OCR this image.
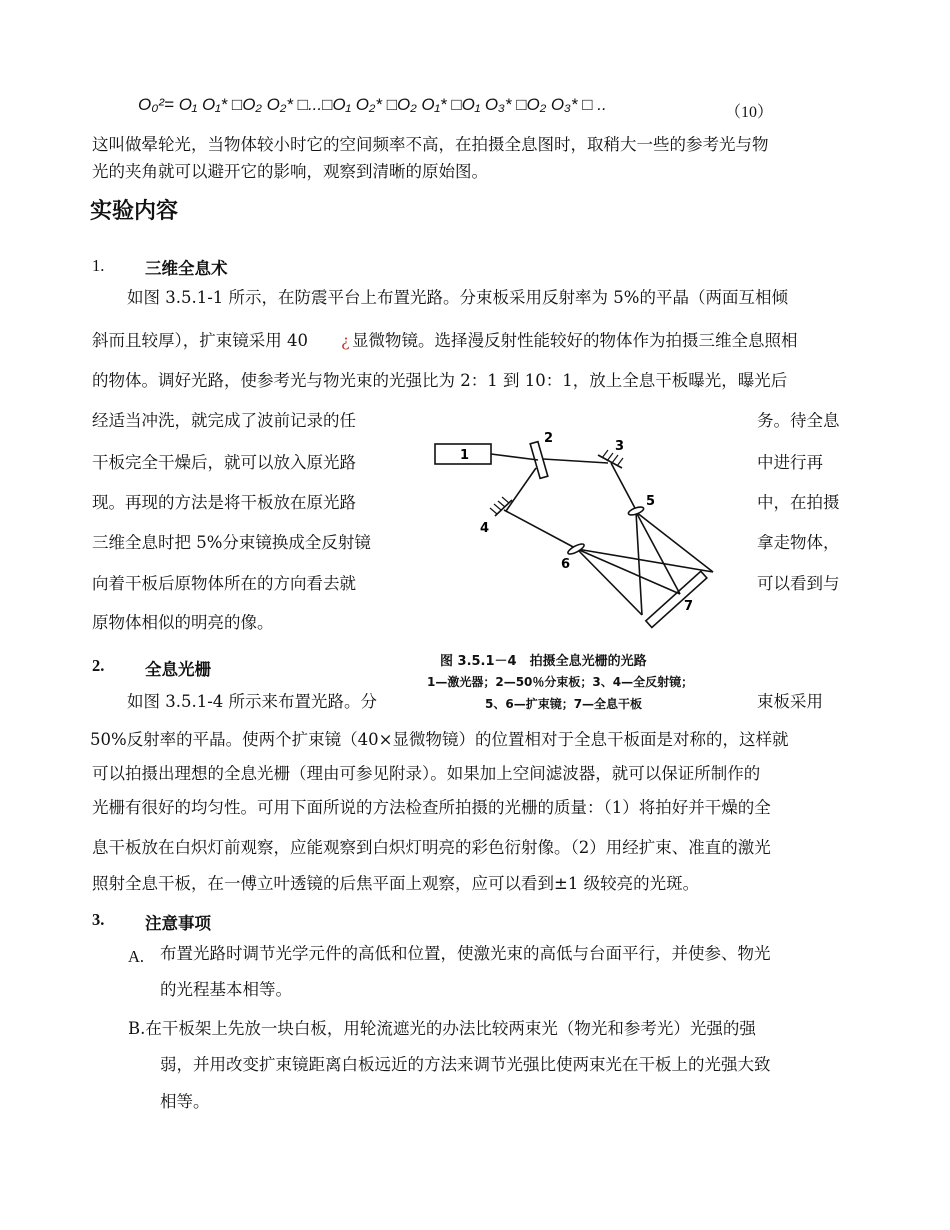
O₀²= O₁ O₁* □O₂ O₂* □...□O₁ O₂* □O₂ O₁* □O₁ O₃* □O₂ O₃* □ ..	（10）
这叫做晕轮光，当物体较小时它的空间频率不高，在拍摄全息图时，取稍大一些的参考光与物
光的夹角就可以避开它的影响，观察到清晰的原始图。
实验内容
1. 三维全息术
如图 3.5.1-1 所示，在防震平台上布置光路。分束板采用反射率为 5%的平晶（两面互相倾
斜而且较厚），扩束镜采用 40 ¿ 显微物镜。选择漫反射性能较好的物体作为拍摄三维全息照相
的物体。调好光路，使参考光与物光束的光强比为 2：1 到 10：1，放上全息干板曝光，曝光后
经适当冲洗，就完成了波前记录的任
干板完全干燥后，就可以放入原光路
现。再现的方法是将干板放在原光路
三维全息时把 5%分束镜换成全反射镜
向着干板后原物体所在的方向看去就
原物体相似的明亮的像。
务。待全息
中进行再
中，在拍摄
拿走物体，
可以看到与
1
2
3
4
5
6
7
图 3.5.1－4　拍摄全息光栅的光路
1—激光器；2—50％分束板；3、4—全反射镜；
5、6—扩束镜；7—全息干板
2. 全息光栅
如图 3.5.1-4 所示来布置光路。分	束板采用
50%反射率的平晶。使两个扩束镜（40×显微物镜）的位置相对于全息干板面是对称的，这样就
可以拍摄出理想的全息光栅（理由可参见附录）。如果加上空间滤波器，就可以保证所制作的
光栅有很好的均匀性。可用下面所说的方法检查所拍摄的光栅的质量：（1）将拍好并干燥的全
息干板放在白炽灯前观察，应能观察到白炽灯明亮的彩色衍射像。（2）用经扩束、准直的激光
照射全息干板，在一傅立叶透镜的后焦平面上观察，应可以看到±1 级较亮的光斑。
3. 注意事项
A. 布置光路时调节光学元件的高低和位置，使激光束的高低与台面平行，并使参、物光
的光程基本相等。
B.在干板架上先放一块白板，用轮流遮光的办法比较两束光（物光和参考光）光强的强
弱，并用改变扩束镜距离白板远近的方法来调节光强比使两束光在干板上的光强大致
相等。
